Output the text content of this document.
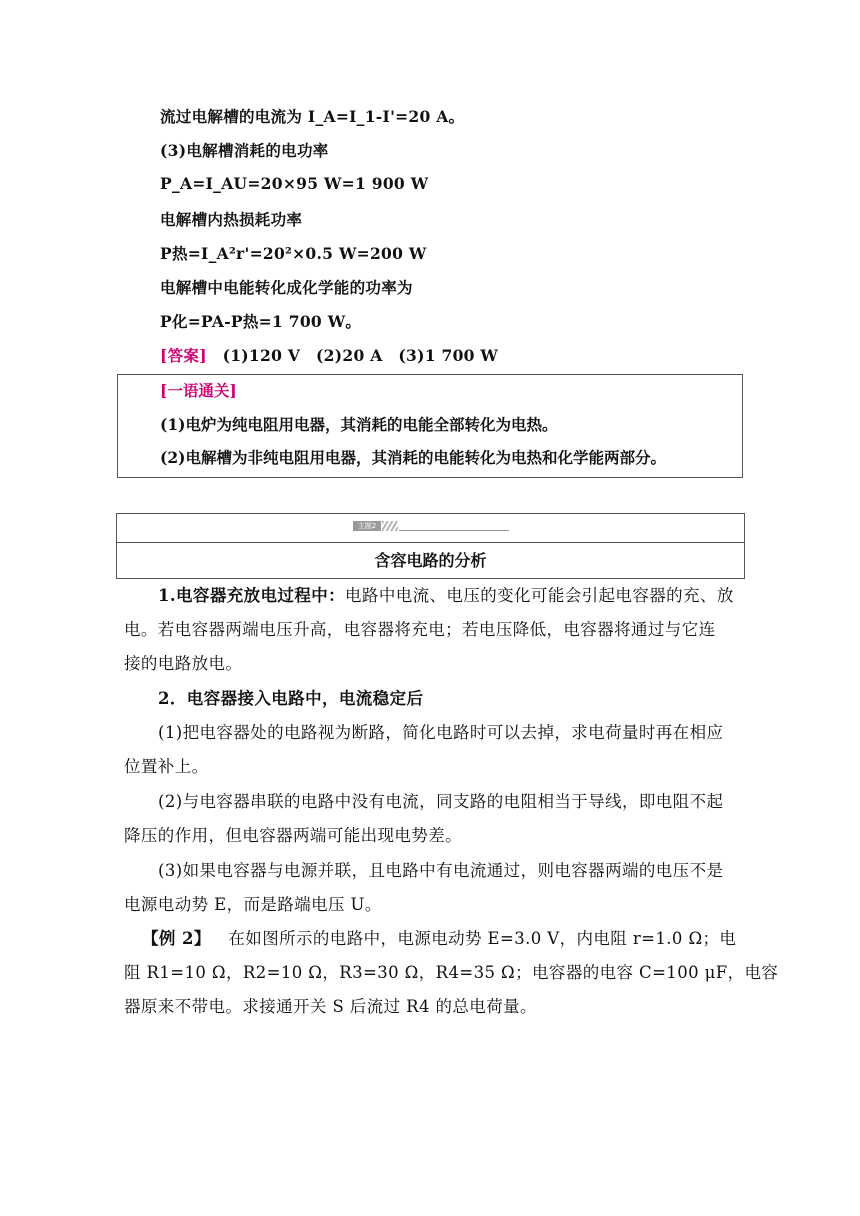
流过电解槽的电流为 I_A=I_1-I'=20 A。
(3)电解槽消耗的电功率
P_A=I_AU=20×95 W=1 900 W
电解槽内热损耗功率
P热=I_A²r'=20²×0.5 W=200 W
电解槽中电能转化成化学能的功率为
P化=PA-P热=1 700 W。
[答案] (1)120 V　(2)20 A　(3)1 700 W
[一语通关]
(1)电炉为纯电阻用电器，其消耗的电能全部转化为电热。
(2)电解槽为非纯电阻用电器，其消耗的电能转化为电热和化学能两部分。
主题2
含容电路的分析
1.电容器充放电过程中：电路中电流、电压的变化可能会引起电容器的充、放
电。若电容器两端电压升高，电容器将充电；若电压降低，电容器将通过与它连
接的电路放电。
2．电容器接入电路中，电流稳定后
(1)把电容器处的电路视为断路，简化电路时可以去掉，求电荷量时再在相应
位置补上。
(2)与电容器串联的电路中没有电流，同支路的电阻相当于导线，即电阻不起
降压的作用，但电容器两端可能出现电势差。
(3)如果电容器与电源并联，且电路中有电流通过，则电容器两端的电压不是
电源电动势 E，而是路端电压 U。
【例 2】 在如图所示的电路中，电源电动势 E=3.0 V，内电阻 r=1.0 Ω；电
阻 R1=10 Ω，R2=10 Ω，R3=30 Ω，R4=35 Ω；电容器的电容 C=100 μF，电容
器原来不带电。求接通开关 S 后流过 R4 的总电荷量。
